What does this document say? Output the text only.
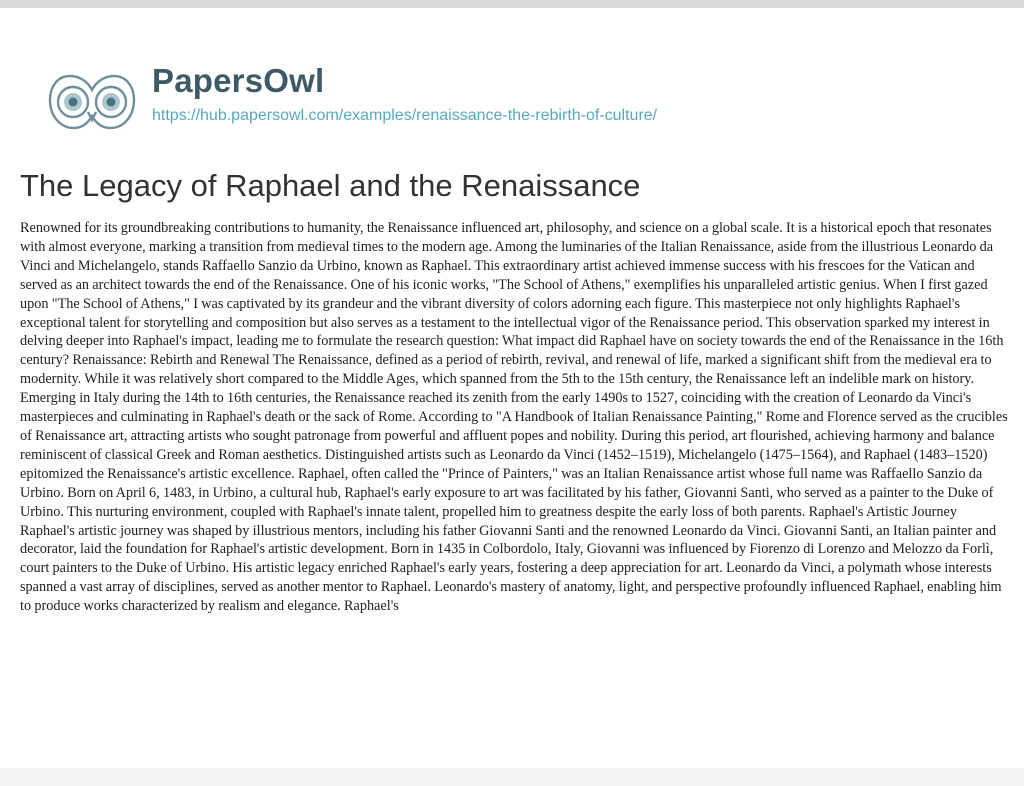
PapersOwl
https://hub.papersowl.com/examples/renaissance-the-rebirth-of-culture/
The Legacy of Raphael and the Renaissance

Renowned for its groundbreaking contributions to humanity, the Renaissance influenced art, philosophy, and science on a global scale. It is a historical epoch that resonates with almost everyone, marking a transition from medieval times to the modern age. Among the luminaries of the Italian Renaissance, aside from the illustrious Leonardo da Vinci and Michelangelo, stands Raffaello Sanzio da Urbino, known as Raphael. This extraordinary artist achieved immense success with his frescoes for the Vatican and served as an architect towards the end of the Renaissance. One of his iconic works, "The School of Athens," exemplifies his unparalleled artistic genius. When I first gazed upon "The School of Athens," I was captivated by its grandeur and the vibrant diversity of colors adorning each figure. This masterpiece not only highlights Raphael's exceptional talent for storytelling and composition but also serves as a testament to the intellectual vigor of the Renaissance period. This observation sparked my interest in delving deeper into Raphael's impact, leading me to formulate the research question: What impact did Raphael have on society towards the end of the Renaissance in the 16th century? Renaissance: Rebirth and Renewal The Renaissance, defined as a period of rebirth, revival, and renewal of life, marked a significant shift from the medieval era to modernity. While it was relatively short compared to the Middle Ages, which spanned from the 5th to the 15th century, the Renaissance left an indelible mark on history. Emerging in Italy during the 14th to 16th centuries, the Renaissance reached its zenith from the early 1490s to 1527, coinciding with the creation of Leonardo da Vinci's masterpieces and culminating in Raphael's death or the sack of Rome. According to "A Handbook of Italian Renaissance Painting," Rome and Florence served as the crucibles of Renaissance art, attracting artists who sought patronage from powerful and affluent popes and nobility. During this period, art flourished, achieving harmony and balance reminiscent of classical Greek and Roman aesthetics. Distinguished artists such as Leonardo da Vinci (1452–1519), Michelangelo (1475–1564), and Raphael (1483–1520) epitomized the Renaissance's artistic excellence. Raphael, often called the "Prince of Painters," was an Italian Renaissance artist whose full name was Raffaello Sanzio da Urbino. Born on April 6, 1483, in Urbino, a cultural hub, Raphael's early exposure to art was facilitated by his father, Giovanni Santi, who served as a painter to the Duke of Urbino. This nurturing environment, coupled with Raphael's innate talent, propelled him to greatness despite the early loss of both parents. Raphael's Artistic Journey Raphael's artistic journey was shaped by illustrious mentors, including his father Giovanni Santi and the renowned Leonardo da Vinci. Giovanni Santi, an Italian painter and decorator, laid the foundation for Raphael's artistic development. Born in 1435 in Colbordolo, Italy, Giovanni was influenced by Fiorenzo di Lorenzo and Melozzo da Forlì, court painters to the Duke of Urbino. His artistic legacy enriched Raphael's early years, fostering a deep appreciation for art. Leonardo da Vinci, a polymath whose interests spanned a vast array of disciplines, served as another mentor to Raphael. Leonardo's mastery of anatomy, light, and perspective profoundly influenced Raphael, enabling him to produce works characterized by realism and elegance. Raphael's
